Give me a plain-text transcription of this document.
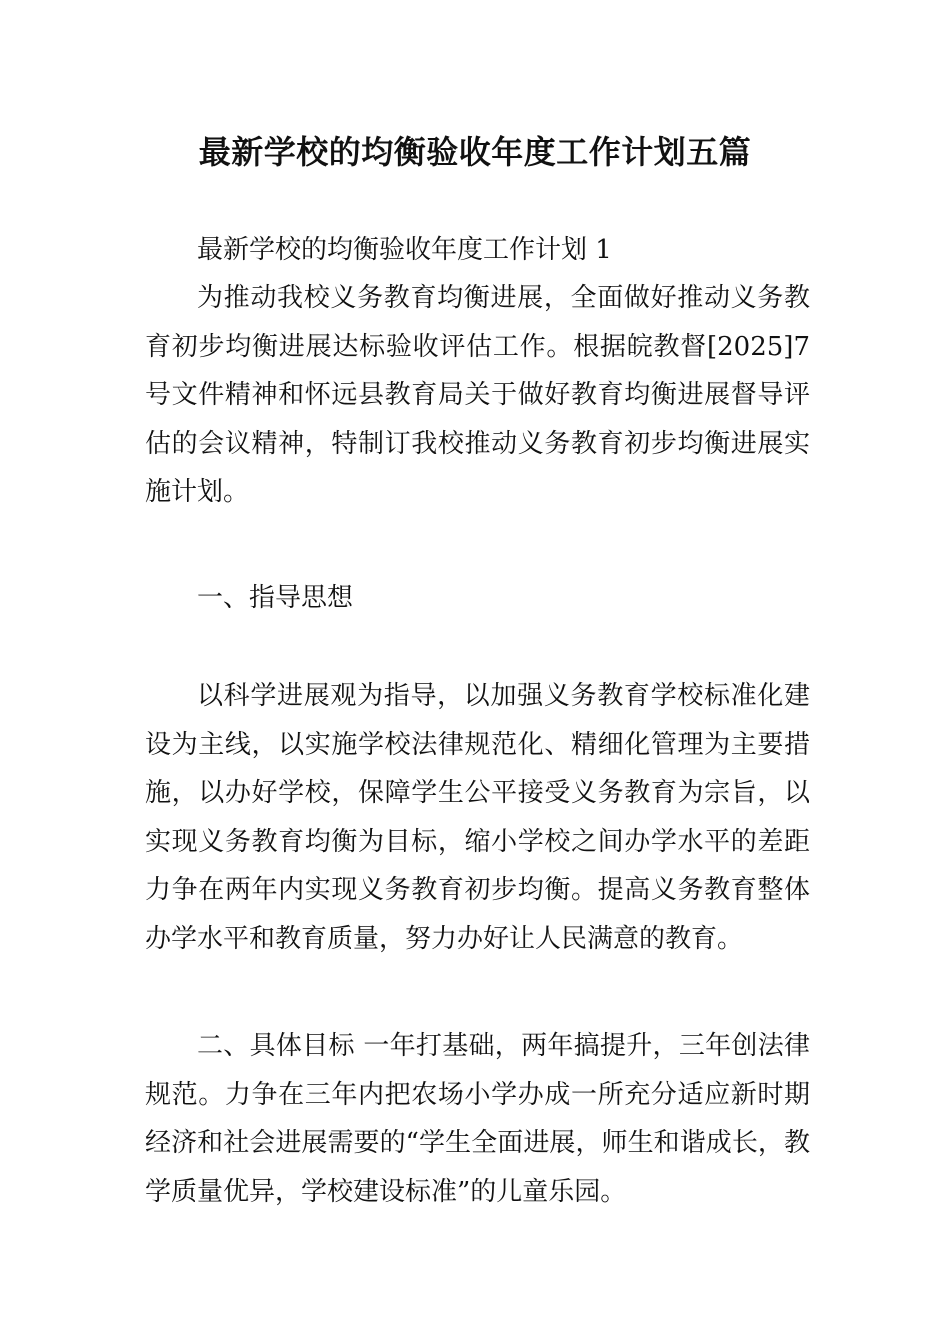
最新学校的均衡验收年度工作计划五篇

最新学校的均衡验收年度工作计划 1

为推动我校义务教育均衡进展，全面做好推动义务教育初步均衡进展达标验收评估工作。根据皖教督[2025]7号文件精神和怀远县教育局关于做好教育均衡进展督导评估的会议精神，特制订我校推动义务教育初步均衡进展实施计划。

一、指导思想

以科学进展观为指导，以加强义务教育学校标准化建设为主线，以实施学校法律规范化、精细化管理为主要措施，以办好学校，保障学生公平接受义务教育为宗旨，以实现义务教育均衡为目标，缩小学校之间办学水平的差距力争在两年内实现义务教育初步均衡。提高义务教育整体办学水平和教育质量，努力办好让人民满意的教育。

二、具体目标 一年打基础，两年搞提升，三年创法律规范。力争在三年内把农场小学办成一所充分适应新时期经济和社会进展需要的“学生全面进展，师生和谐成长，教学质量优异，学校建设标准”的儿童乐园。
